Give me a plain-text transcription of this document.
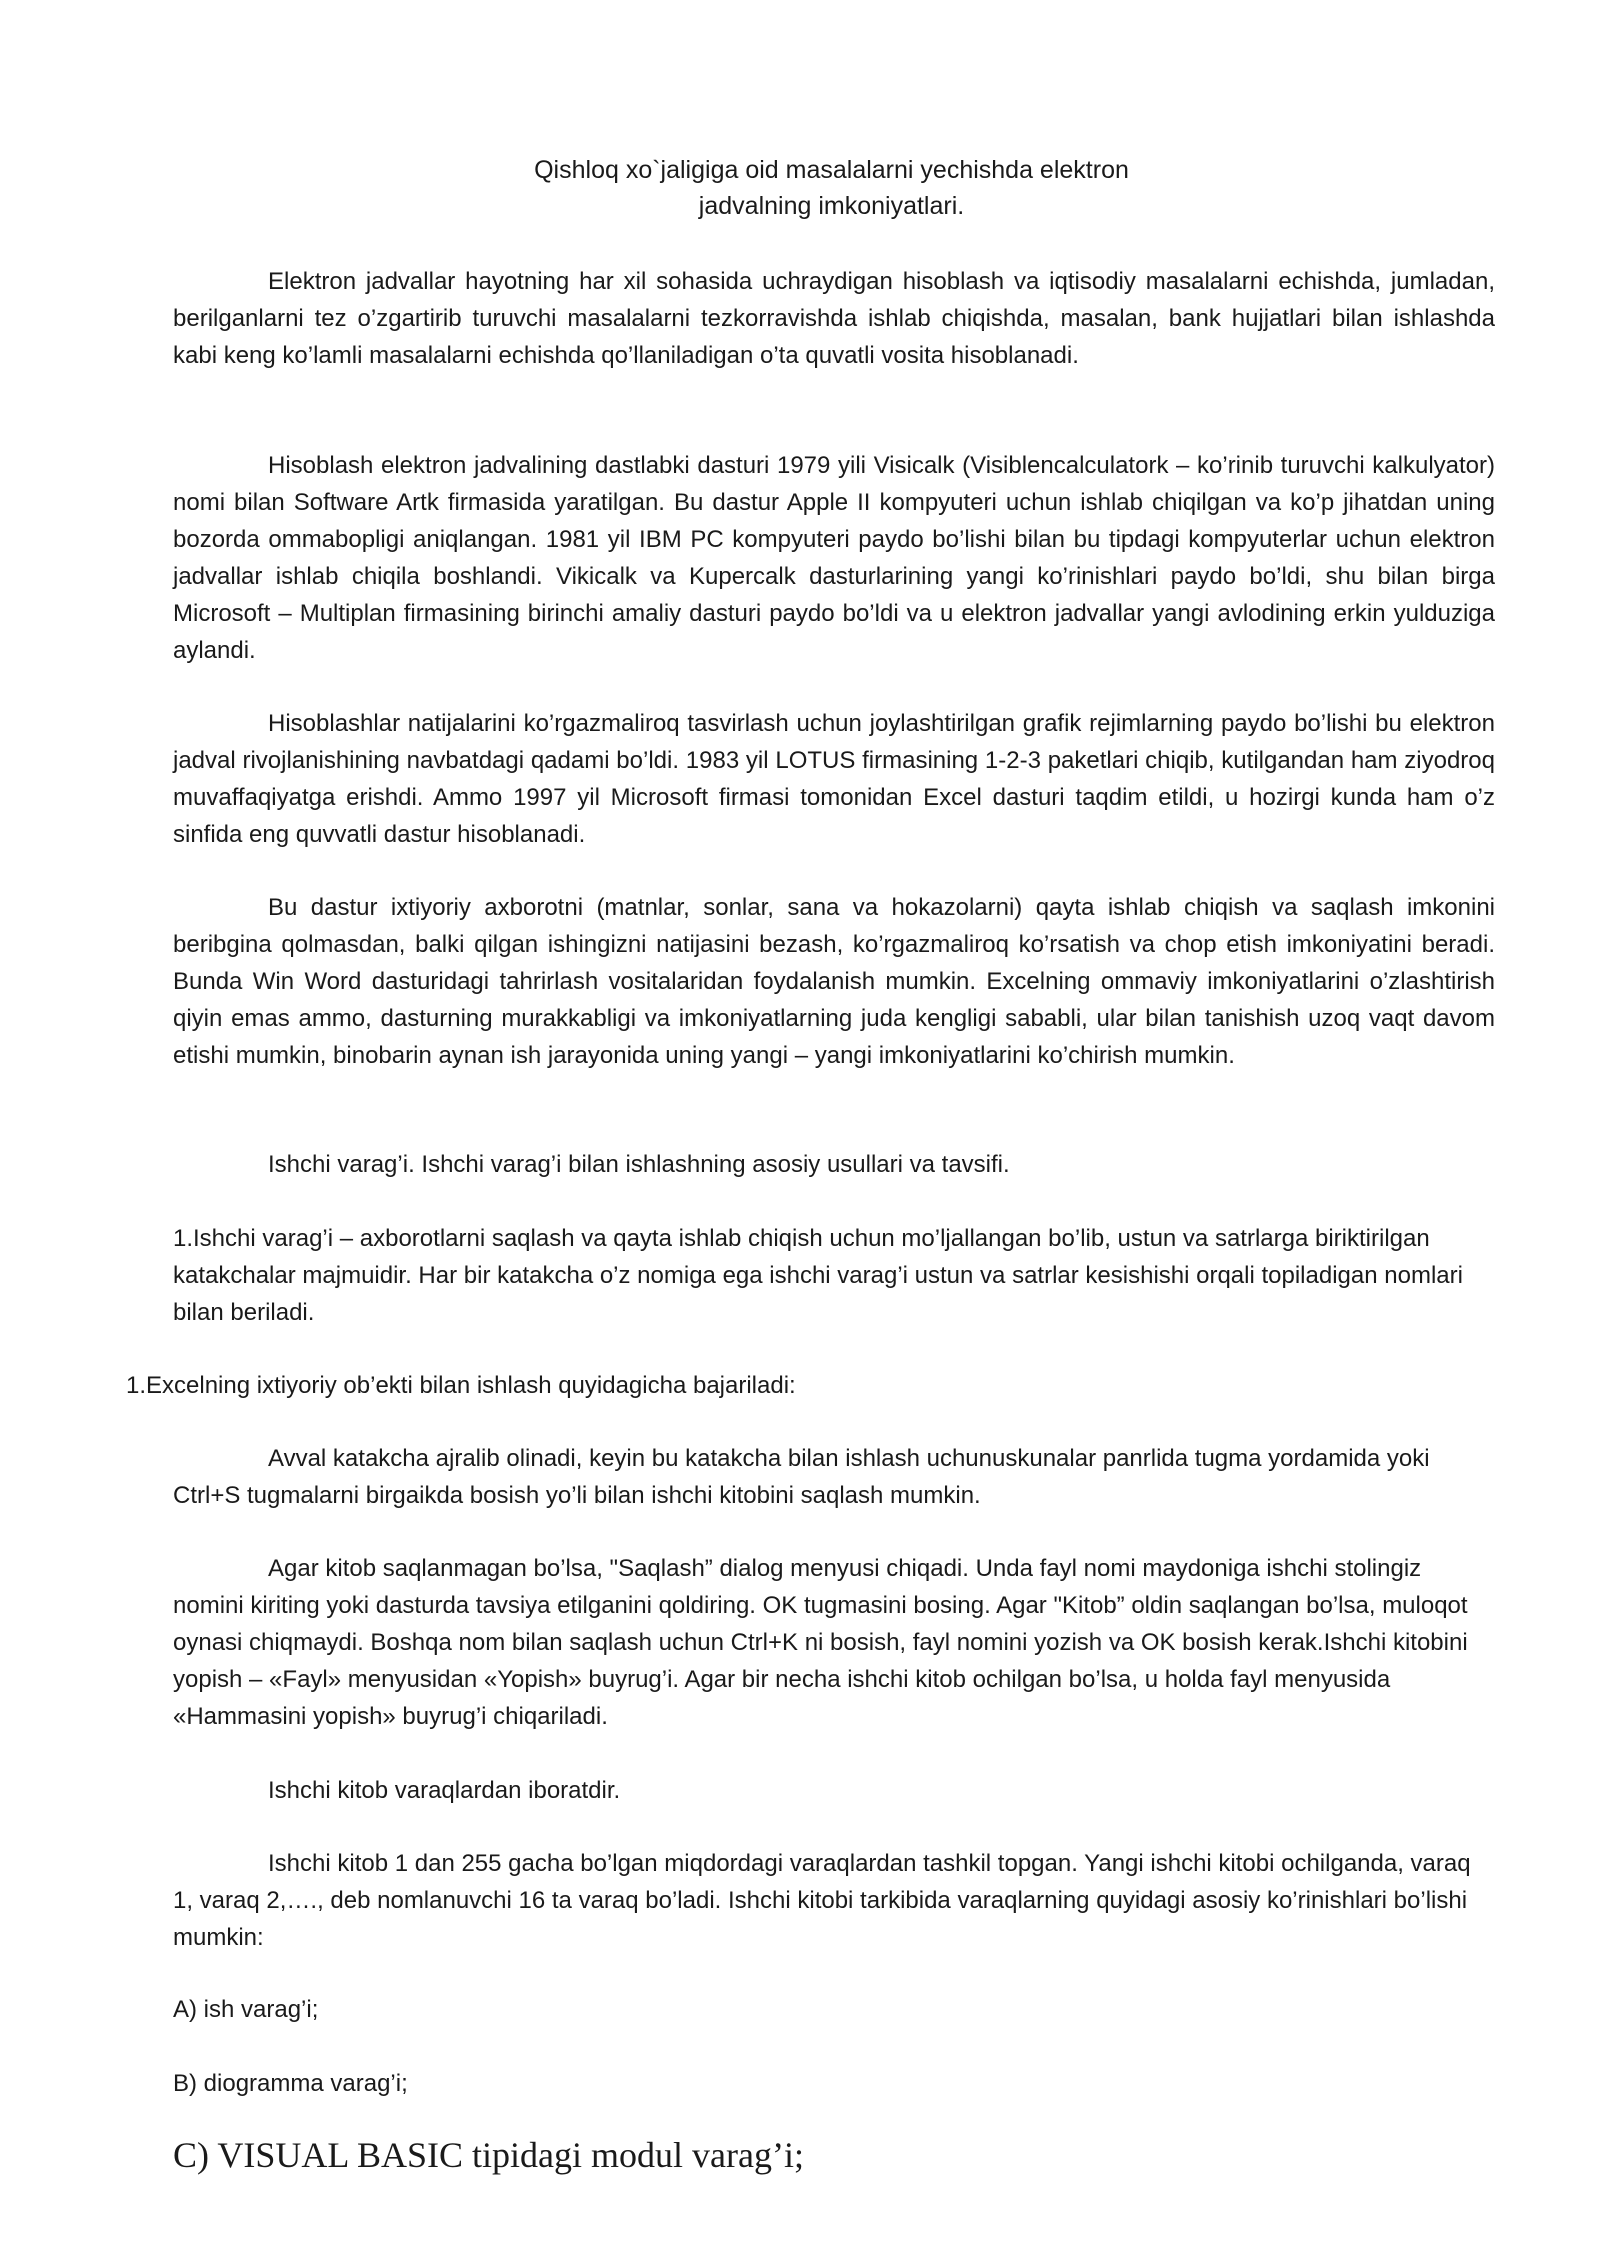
Qishloq xo`jaligiga oid masalalarni yechishda elektron
jadvalning imkoniyatlari.

Elektron jadvallar hayotning har xil sohasida uchraydigan hisoblash va iqtisodiy masalalarni echishda, jumladan, berilganlarni tez o’zgartirib turuvchi masalalarni tezkorravishda ishlab chiqishda, masalan, bank hujjatlari bilan ishlashda kabi keng ko’lamli masalalarni echishda qo’llaniladigan o’ta quvatli vosita hisoblanadi.

Hisoblash elektron jadvalining dastlabki dasturi 1979 yili Visicalk (Visiblencalculatork – ko’rinib turuvchi kalkulyator) nomi bilan Software Artk firmasida yaratilgan. Bu dastur Apple II kompyuteri uchun ishlab chiqilgan va ko’p jihatdan uning bozorda ommabopligi aniqlangan. 1981 yil IBM PC kompyuteri paydo bo’lishi bilan bu tipdagi kompyuterlar uchun elektron jadvallar ishlab chiqila boshlandi. Vikicalk va Kupercalk dasturlarining yangi ko’rinishlari paydo bo’ldi, shu bilan birga Microsoft – Multiplan firmasining birinchi amaliy dasturi paydo bo’ldi va u elektron jadvallar yangi avlodining erkin yulduziga aylandi.

Hisoblashlar natijalarini ko’rgazmaliroq tasvirlash uchun joylashtirilgan grafik rejimlarning paydo bo’lishi bu elektron jadval rivojlanishining navbatdagi qadami bo’ldi. 1983 yil LOTUS firmasining 1-2-3 paketlari chiqib, kutilgandan ham ziyodroq muvaffaqiyatga erishdi. Ammo 1997 yil Microsoft firmasi tomonidan Excel dasturi taqdim etildi, u hozirgi kunda ham o’z sinfida eng quvvatli dastur hisoblanadi.

Bu dastur ixtiyoriy axborotni (matnlar, sonlar, sana va hokazolarni) qayta ishlab chiqish va saqlash imkonini beribgina qolmasdan, balki qilgan ishingizni natijasini bezash, ko’rgazmaliroq ko’rsatish va chop etish imkoniyatini beradi. Bunda Win Word dasturidagi tahrirlash vositalaridan foydalanish mumkin. Excelning ommaviy imkoniyatlarini o’zlashtirish qiyin emas ammo, dasturning murakkabligi va imkoniyatlarning juda kengligi sababli, ular bilan tanishish uzoq vaqt davom etishi mumkin, binobarin aynan ish jarayonida uning yangi – yangi imkoniyatlarini ko’chirish mumkin.

Ishchi varag’i. Ishchi varag’i bilan ishlashning asosiy usullari va tavsifi.

1.Ishchi varag’i – axborotlarni saqlash va qayta ishlab chiqish uchun mo’ljallangan bo’lib, ustun va satrlarga biriktirilgan katakchalar majmuidir. Har bir katakcha o’z nomiga ega ishchi varag’i ustun va satrlar kesishishi orqali topiladigan nomlari bilan beriladi.

1.Excelning ixtiyoriy ob’ekti bilan ishlash quyidagicha bajariladi:

Avval katakcha ajralib olinadi, keyin bu katakcha bilan ishlash uchunuskunalar panrlida tugma yordamida yoki Ctrl+S tugmalarni birgaikda bosish yo’li bilan ishchi kitobini saqlash mumkin.

Agar kitob saqlanmagan bo’lsa, "Saqlash” dialog menyusi chiqadi. Unda fayl nomi maydoniga ishchi stolingiz nomini kiriting yoki dasturda tavsiya etilganini qoldiring. OK tugmasini bosing. Agar "Kitob” oldin saqlangan bo’lsa, muloqot oynasi chiqmaydi. Boshqa nom bilan saqlash uchun Ctrl+K ni bosish, fayl nomini yozish va OK bosish kerak.Ishchi kitobini yopish – «Fayl» menyusidan «Yopish» buyrug’i. Agar bir necha ishchi kitob ochilgan bo’lsa, u holda fayl menyusida «Hammasini yopish» buyrug’i chiqariladi.

Ishchi kitob varaqlardan iboratdir.

Ishchi kitob 1 dan 255 gacha bo’lgan miqdordagi varaqlardan tashkil topgan. Yangi ishchi kitobi ochilganda, varaq 1, varaq 2,…., deb nomlanuvchi 16 ta varaq bo’ladi. Ishchi kitobi tarkibida varaqlarning quyidagi asosiy ko’rinishlari bo’lishi mumkin:

A) ish varag’i;

B) diogramma varag’i;

C) VISUAL BASIC tipidagi modul varag’i;
